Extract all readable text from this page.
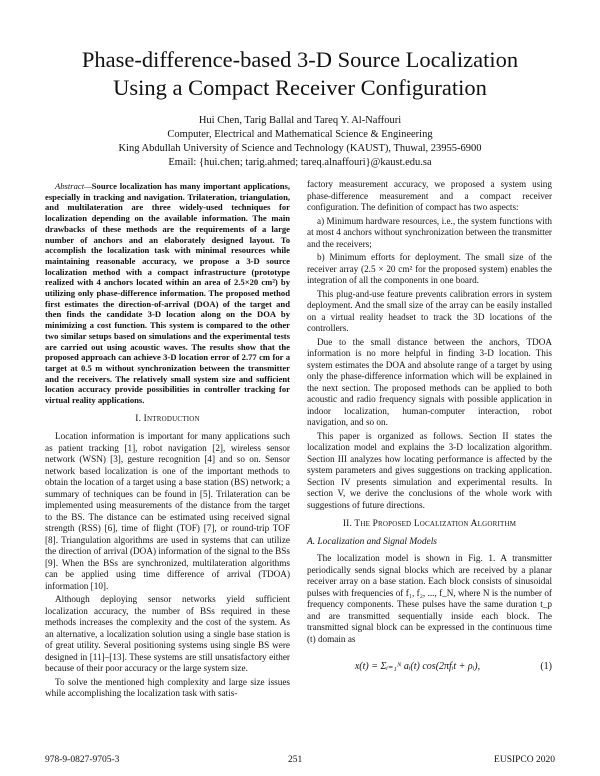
Phase-difference-based 3-D Source Localization
Using a Compact Receiver Configuration
Hui Chen, Tarig Ballal and Tareq Y. Al-Naffouri
Computer, Electrical and Mathematical Science & Engineering
King Abdullah University of Science and Technology (KAUST), Thuwal, 23955-6900
Email: {hui.chen; tarig.ahmed; tareq.alnaffouri}@kaust.edu.sa

Abstract—Source localization has many important applications, especially in tracking and navigation. Trilateration, triangulation, and multilateration are three widely-used techniques for localization depending on the available information. The main drawbacks of these methods are the requirements of a large number of anchors and an elaborately designed layout. To accomplish the localization task with minimal resources while maintaining reasonable accuracy, we propose a 3-D source localization method with a compact infrastructure (prototype realized with 4 anchors located within an area of 2.5×20 cm²) by utilizing only phase-difference information. The proposed method first estimates the direction-of-arrival (DOA) of the target and then finds the candidate 3-D location along on the DOA by minimizing a cost function. This system is compared to the other two similar setups based on simulations and the experimental tests are carried out using acoustic waves. The results show that the proposed approach can achieve 3-D location error of 2.77 cm for a target at 0.5 m without synchronization between the transmitter and the receivers. The relatively small system size and sufficient location accuracy provide possibilities in controller tracking for virtual reality applications.

I. Introduction

Location information is important for many applications such as patient tracking [1], robot navigation [2], wireless sensor network (WSN) [3], gesture recognition [4] and so on. Sensor network based localization is one of the important methods to obtain the location of a target using a base station (BS) network; a summary of techniques can be found in [5]. Trilateration can be implemented using measurements of the distance from the target to the BS. The distance can be estimated using received signal strength (RSS) [6], time of flight (TOF) [7], or round-trip TOF [8]. Triangulation algorithms are used in systems that can utilize the direction of arrival (DOA) information of the signal to the BSs [9]. When the BSs are synchronized, multilateration algorithms can be applied using time difference of arrival (TDOA) information [10].

Although deploying sensor networks yield sufficient localization accuracy, the number of BSs required in these methods increases the complexity and the cost of the system. As an alternative, a localization solution using a single base station is of great utility. Several positioning systems using single BS were designed in [11]–[13]. These systems are still unsatisfactory either because of their poor accuracy or the large system size.

To solve the mentioned high complexity and large size issues while accomplishing the localization task with satis-

factory measurement accuracy, we proposed a system using phase-difference measurement and a compact receiver configuration. The definition of compact has two aspects:

a) Minimum hardware resources, i.e., the system functions with at most 4 anchors without synchronization between the transmitter and the receivers;

b) Minimum efforts for deployment. The small size of the receiver array (2.5 × 20 cm² for the proposed system) enables the integration of all the components in one board.

This plug-and-use feature prevents calibration errors in system deployment. And the small size of the array can be easily installed on a virtual reality headset to track the 3D locations of the controllers.

Due to the small distance between the anchors, TDOA information is no more helpful in finding 3-D location. This system estimates the DOA and absolute range of a target by using only the phase-difference information which will be explained in the next section. The proposed methods can be applied to both acoustic and radio frequency signals with possible application in indoor localization, human-computer interaction, robot navigation, and so on.

This paper is organized as follows. Section II states the localization model and explains the 3-D localization algorithm. Section III analyzes how locating performance is affected by the system parameters and gives suggestions on tracking application. Section IV presents simulation and experimental results. In section V, we derive the conclusions of the whole work with suggestions of future directions.

II. The Proposed Localization Algorithm
A. Localization and Signal Models

The localization model is shown in Fig. 1. A transmitter periodically sends signal blocks which are received by a planar receiver array on a base station. Each block consists of sinusoidal pulses with frequencies of f₁, f₂, ..., f_N, where N is the number of frequency components. These pulses have the same duration t_p and are transmitted sequentially inside each block. The transmitted signal block can be expressed in the continuous time (t) domain as

x(t) = Σᵢ₌₁ᴺ aᵢ(t) cos(2πfᵢt + ρᵢ),	(1)
978-9-0827-9705-3	251	EUSIPCO 2020
